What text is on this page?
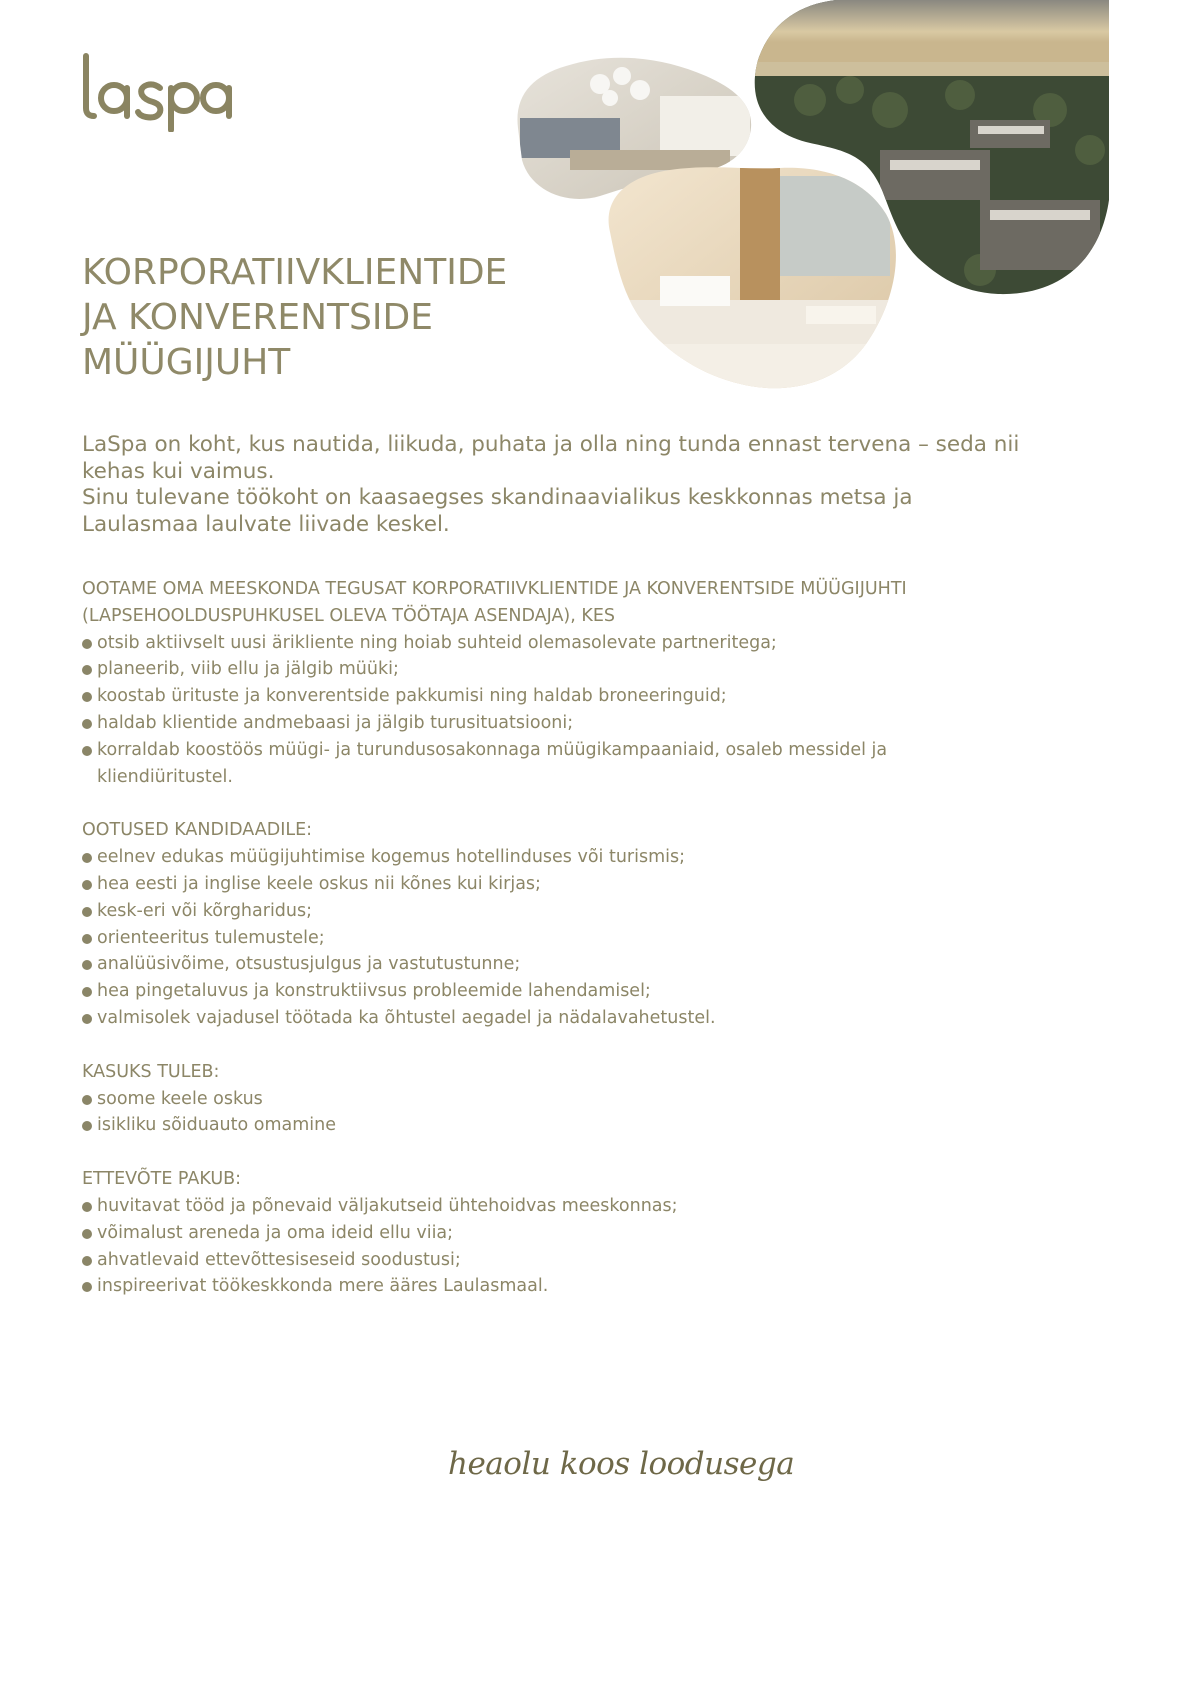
KORPORATIIVKLIENTIDE
JA KONVERENTSIDE
MÜÜGIJUHT

LaSpa on koht, kus nautida, liikuda, puhata ja olla ning tunda ennast tervena – seda nii kehas kui vaimus.

Sinu tulevane töökoht on kaasaegses skandinaavialikus keskkonnas metsa ja Laulasmaa laulvate liivade keskel.

OOTAME OMA MEESKONDA TEGUSAT KORPORATIIVKLIENTIDE JA KONVERENTSIDE MÜÜGIJUHTI (LAPSEHOOLDUSPUHKUSEL OLEVA TÖÖTAJA ASENDAJA), KES
otsib aktiivselt uusi ärikliente ning hoiab suhteid olemasolevate partneritega;
planeerib, viib ellu ja jälgib müüki;
koostab ürituste ja konverentside pakkumisi ning haldab broneeringuid;
haldab klientide andmebaasi ja jälgib turusituatsiooni;
korraldab koostöös müügi- ja turundusosakonnaga müügikampaaniaid, osaleb messidel ja kliendiüritustel.
OOTUSED KANDIDAADILE:
eelnev edukas müügijuhtimise kogemus hotellinduses või turismis;
hea eesti ja inglise keele oskus nii kõnes kui kirjas;
kesk-eri või kõrgharidus;
orienteeritus tulemustele;
analüüsivõime, otsustusjulgus ja vastutustunne;
hea pingetaluvus ja konstruktiivsus probleemide lahendamisel;
valmisolek vajadusel töötada ka õhtustel aegadel ja nädalavahetustel.
KASUKS TULEB:
soome keele oskus
isikliku sõiduauto omamine
ETTEVÕTE PAKUB:
huvitavat tööd ja põnevaid väljakutseid ühtehoidvas meeskonnas;
võimalust areneda ja oma ideid ellu viia;
ahvatlevaid ettevõttesiseseid soodustusi;
inspireerivat töökeskkonda mere ääres Laulasmaal.

heaolu koos loodusega
